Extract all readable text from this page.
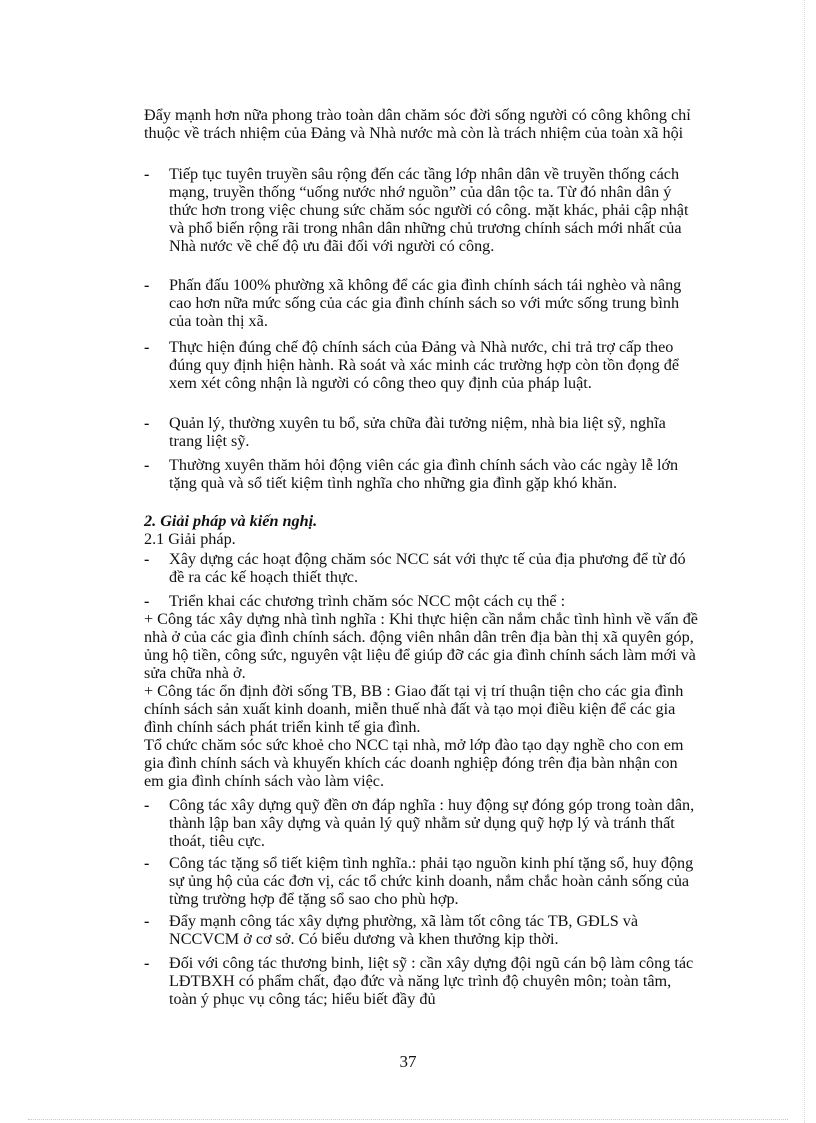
Đẩy mạnh hơn nữa phong trào toàn dân chăm sóc đời sống người có công không chỉ thuộc về trách nhiệm của Đảng và Nhà nước mà còn là trách nhiệm của toàn xã hội

-	Tiếp tục tuyên truyền sâu rộng đến các tầng lớp nhân dân về truyền thống cách mạng, truyền thống “uống nước nhớ nguồn” của dân tộc ta. Từ đó nhân dân ý thức hơn trong việc chung sức chăm sóc người có công. mặt khác, phải cập nhật và phổ biến rộng rãi trong nhân dân những chủ trương chính sách mới nhất của Nhà nước về chế độ ưu đãi đối với người có công.
-	Phấn đấu 100% phường xã không để các gia đình chính sách tái nghèo và nâng cao hơn nữa mức sống của các gia đình chính sách so với mức sống trung bình của toàn thị xã.
-	Thực hiện đúng chế độ chính sách của Đảng và Nhà nước, chi trả trợ cấp theo đúng quy định hiện hành. Rà soát và xác minh các trường hợp còn tồn đọng để xem xét công nhận là người có công theo quy định của pháp luật.
-	Quản lý, thường xuyên tu bổ, sửa chữa đài tưởng niệm, nhà bia liệt sỹ, nghĩa trang liệt sỹ.
-	Thường xuyên thăm hỏi động viên các gia đình chính sách vào các ngày lễ lớn tặng quà và sổ tiết kiệm tình nghĩa cho những gia đình gặp khó khăn.

2. Giải pháp và kiến nghị.

2.1 Giải pháp.

-	Xây dựng các hoạt động chăm sóc NCC sát với thực tế của địa phương để từ đó đề ra các kế hoạch thiết thực.
-	Triển khai các chương trình chăm sóc NCC một cách cụ thể :

+ Công tác xây dựng nhà tình nghĩa : Khi thực hiện cần nắm chắc tình hình về vấn đề nhà ở của các gia đình chính sách. động viên nhân dân trên địa bàn thị xã quyên góp, ủng hộ tiền, công sức, nguyên vật liệu để giúp đỡ các gia đình chính sách làm mới và sửa chữa nhà ở.

+ Công tác ổn định đời sống TB, BB : Giao đất tại vị trí thuận tiện cho các gia đình chính sách sản xuất kinh doanh, miễn thuế nhà đất và tạo mọi điều kiện để các gia đình chính sách phát triển kinh tế gia đình.

Tổ chức chăm sóc sức khoẻ cho NCC tại nhà, mở lớp đào tạo dạy nghề cho con em gia đình chính sách và khuyến khích các doanh nghiệp đóng trên địa bàn nhận con em gia đình chính sách vào làm việc.

-	Công tác xây dựng quỹ đền ơn đáp nghĩa : huy động sự đóng góp trong toàn dân, thành lập ban xây dựng và quản lý quỹ nhằm sử dụng quỹ hợp lý và tránh thất thoát, tiêu cực.
-	Công tác tặng sổ tiết kiệm tình nghĩa.: phải tạo nguồn kinh phí tặng sổ, huy động sự ủng hộ của các đơn vị, các tổ chức kinh doanh, nắm chắc hoàn cảnh sống của từng trường hợp để tặng sổ sao cho phù hợp.
-	Đẩy mạnh công tác xây dựng phường, xã làm tốt công tác TB, GĐLS và NCCVCM ở cơ sở. Có biểu dương và khen thưởng kịp thời.
-	Đối với công tác thương binh, liệt sỹ : cần xây dựng đội ngũ cán bộ làm công tác LĐTBXH có phẩm chất, đạo đức và năng lực trình độ chuyên môn; toàn tâm, toàn ý phục vụ công tác; hiểu biết đầy đủ
37
